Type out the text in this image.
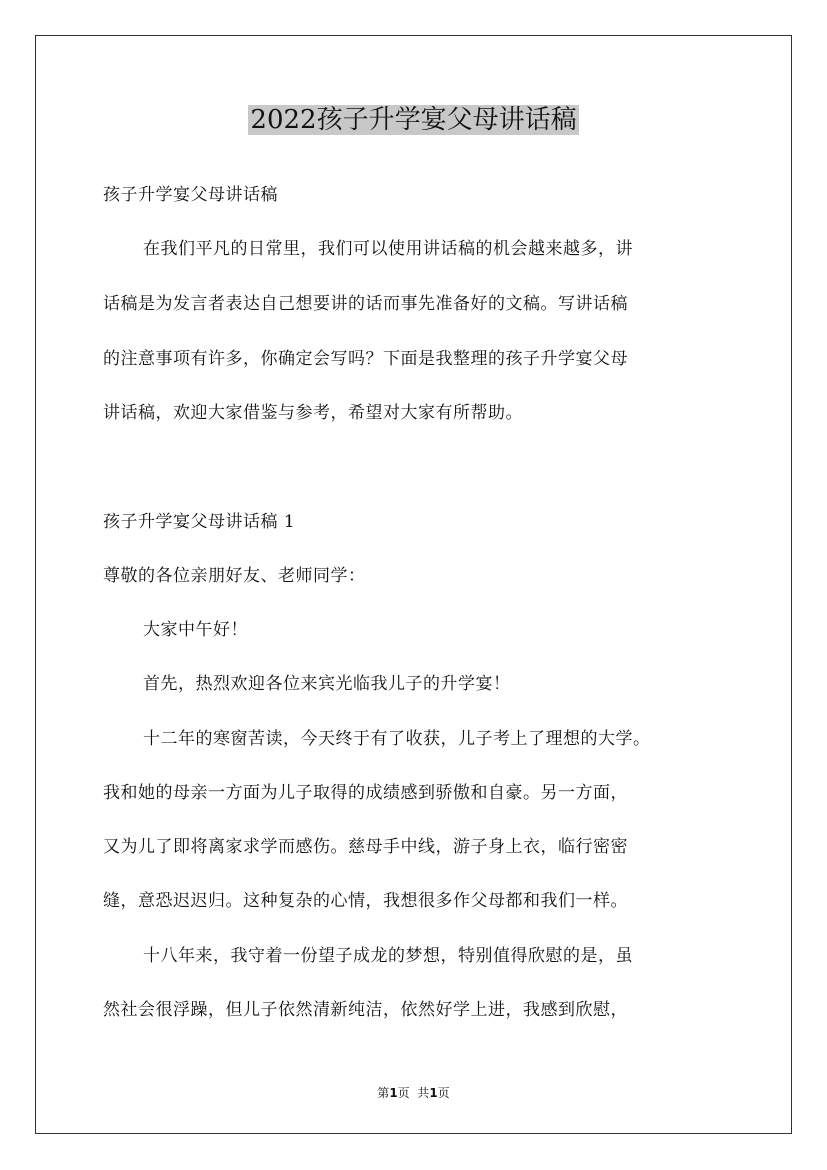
2022孩子升学宴父母讲话稿
孩子升学宴父母讲话稿
在我们平凡的日常里，我们可以使用讲话稿的机会越来越多，讲
话稿是为发言者表达自己想要讲的话而事先准备好的文稿。写讲话稿
的注意事项有许多，你确定会写吗？下面是我整理的孩子升学宴父母
讲话稿，欢迎大家借鉴与参考，希望对大家有所帮助。
孩子升学宴父母讲话稿 1
尊敬的各位亲朋好友、老师同学：
大家中午好！
首先，热烈欢迎各位来宾光临我儿子的升学宴！
十二年的寒窗苦读，今天终于有了收获，儿子考上了理想的大学。
我和她的母亲一方面为儿子取得的成绩感到骄傲和自豪。另一方面，
又为儿了即将离家求学而感伤。慈母手中线，游子身上衣，临行密密
缝，意恐迟迟归。这种复杂的心情，我想很多作父母都和我们一样。
十八年来，我守着一份望子成龙的梦想，特别值得欣慰的是，虽
然社会很浮躁，但儿子依然清新纯洁，依然好学上进，我感到欣慰，
第1页  共1页
